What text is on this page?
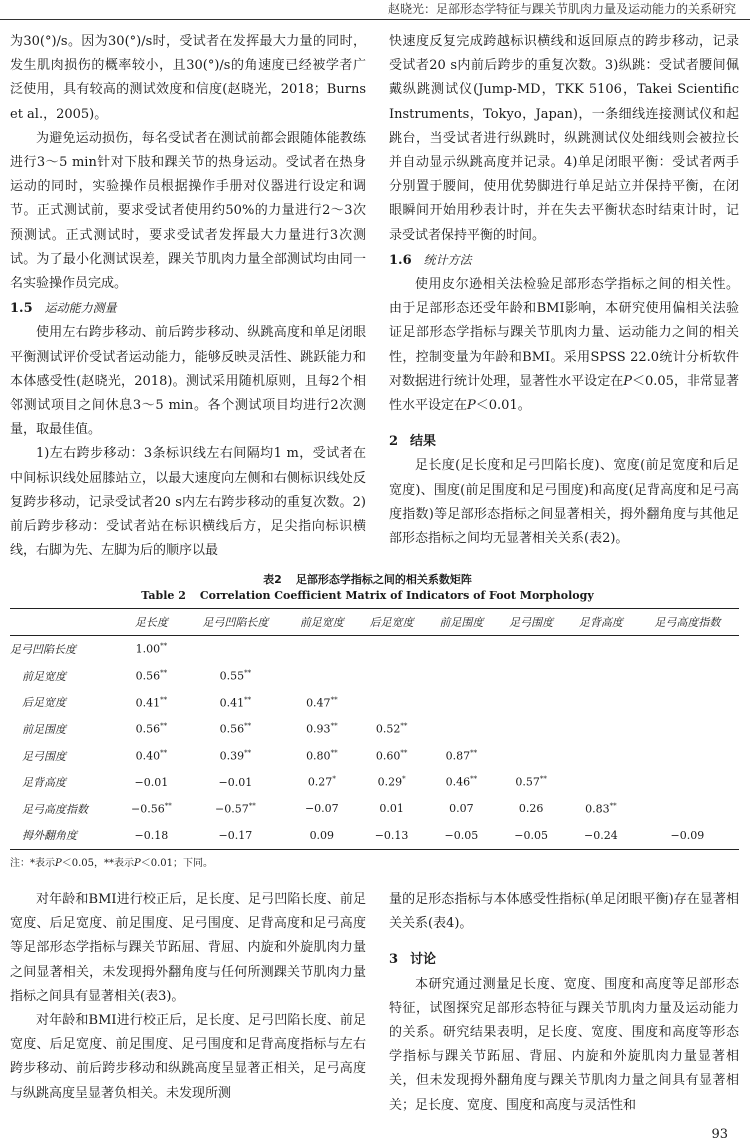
赵晓光：足部形态学特征与踝关节肌肉力量及运动能力的关系研究

为30(°)/s。因为30(°)/s时，受试者在发挥最大力量的同时，发生肌肉损伤的概率较小，且30(°)/s的角速度已经被学者广泛使用，具有较高的测试效度和信度(赵晓光，2018；Burns et al.，2005)。

为避免运动损伤，每名受试者在测试前都会跟随体能教练进行3～5 min针对下肢和踝关节的热身运动。受试者在热身运动的同时，实验操作员根据操作手册对仪器进行设定和调节。正式测试前，要求受试者使用约50%的力量进行2～3次预测试。正式测试时，要求受试者发挥最大力量进行3次测试。为了最小化测试误差，踝关节肌肉力量全部测试均由同一名实验操作员完成。

1.5 运动能力测量

使用左右跨步移动、前后跨步移动、纵跳高度和单足闭眼平衡测试评价受试者运动能力，能够反映灵活性、跳跃能力和本体感受性(赵晓光，2018)。测试采用随机原则，且每2个相邻测试项目之间休息3～5 min。各个测试项目均进行2次测量，取最佳值。

1)左右跨步移动：3条标识线左右间隔均1 m，受试者在中间标识线处屈膝站立，以最大速度向左侧和右侧标识线处反复跨步移动，记录受试者20 s内左右跨步移动的重复次数。2)前后跨步移动：受试者站在标识横线后方，足尖指向标识横线，右脚为先、左脚为后的顺序以最

快速度反复完成跨越标识横线和返回原点的跨步移动，记录受试者20 s内前后跨步的重复次数。3)纵跳：受试者腰间佩戴纵跳测试仪(Jump-MD，TKK 5106，Takei Scientific Instruments，Tokyo，Japan)，一条细线连接测试仪和起跳台，当受试者进行纵跳时，纵跳测试仪处细线则会被拉长并自动显示纵跳高度并记录。4)单足闭眼平衡：受试者两手分别置于腰间，使用优势脚进行单足站立并保持平衡，在闭眼瞬间开始用秒表计时，并在失去平衡状态时结束计时，记录受试者保持平衡的时间。

1.6 统计方法

使用皮尔逊相关法检验足部形态学指标之间的相关性。由于足部形态还受年龄和BMI影响，本研究使用偏相关法验证足部形态学指标与踝关节肌肉力量、运动能力之间的相关性，控制变量为年龄和BMI。采用SPSS 22.0统计分析软件对数据进行统计处理，显著性水平设定在P＜0.05，非常显著性水平设定在P＜0.01。

2 结果

足长度(足长度和足弓凹陷长度)、宽度(前足宽度和后足宽度)、围度(前足围度和足弓围度)和高度(足背高度和足弓高度指数)等足部形态指标之间显著相关，拇外翻角度与其他足部形态指标之间均无显著相关关系(表2)。

表2 足部形态学指标之间的相关系数矩阵
Table 2 Correlation Coefficient Matrix of Indicators of Foot Morphology
	足长度	足弓凹陷长度	前足宽度	后足宽度	前足围度	足弓围度	足背高度	足弓高度指数
足弓凹陷长度	1.00**							
前足宽度	0.56**	0.55**						
后足宽度	0.41**	0.41**	0.47**					
前足围度	0.56**	0.56**	0.93**	0.52**				
足弓围度	0.40**	0.39**	0.80**	0.60**	0.87**			
足背高度	−0.01	−0.01	0.27*	0.29*	0.46**	0.57**		
足弓高度指数	−0.56**	−0.57**	−0.07	0.01	0.07	0.26	0.83**	
拇外翻角度	−0.18	−0.17	0.09	−0.13	−0.05	−0.05	−0.24	−0.09
注：*表示P＜0.05，**表示P＜0.01；下同。

对年龄和BMI进行校正后，足长度、足弓凹陷长度、前足宽度、后足宽度、前足围度、足弓围度、足背高度和足弓高度等足部形态学指标与踝关节跖屈、背屈、内旋和外旋肌肉力量之间显著相关，未发现拇外翻角度与任何所测踝关节肌肉力量指标之间具有显著相关(表3)。

对年龄和BMI进行校正后，足长度、足弓凹陷长度、前足宽度、后足宽度、前足围度、足弓围度和足背高度指标与左右跨步移动、前后跨步移动和纵跳高度呈显著正相关，足弓高度与纵跳高度呈显著负相关。未发现所测

量的足形态指标与本体感受性指标(单足闭眼平衡)存在显著相关关系(表4)。

3 讨论

本研究通过测量足长度、宽度、围度和高度等足部形态特征，试图探究足部形态特征与踝关节肌肉力量及运动能力的关系。研究结果表明，足长度、宽度、围度和高度等形态学指标与踝关节跖屈、背屈、内旋和外旋肌肉力量显著相关，但未发现拇外翻角度与踝关节肌肉力量之间具有显著相关；足长度、宽度、围度和高度与灵活性和

93
